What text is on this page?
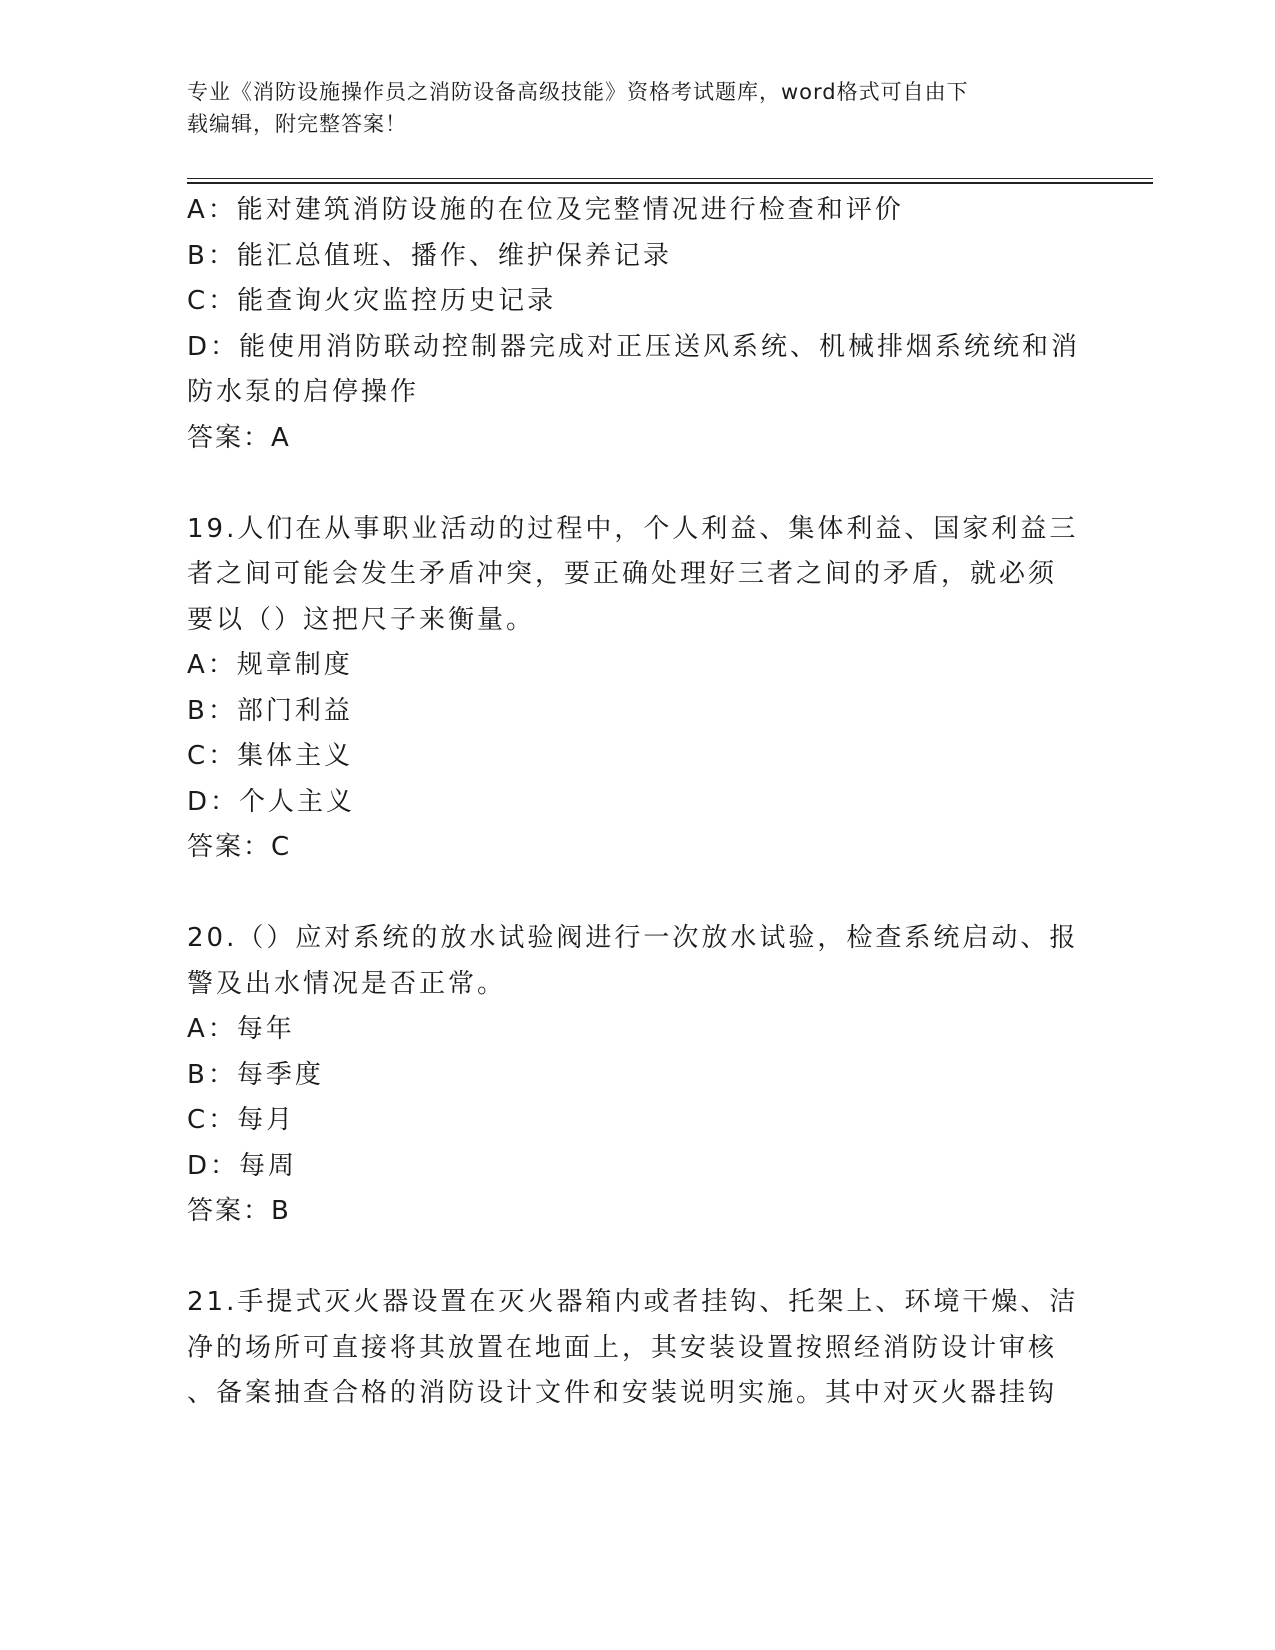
专业《消防设施操作员之消防设备高级技能》资格考试题库，word格式可自由下
载编辑，附完整答案！
A：能对建筑消防设施的在位及完整情况进行检查和评价
B：能汇总值班、播作、维护保养记录
C：能查询火灾监控历史记录
D：能使用消防联动控制器完成对正压送风系统、机械排烟系统统和消
防水泵的启停操作
答案：A
19.人们在从事职业活动的过程中，个人利益、集体利益、国家利益三
者之间可能会发生矛盾冲突，要正确处理好三者之间的矛盾，就必须
要以（）这把尺子来衡量。
A：规章制度
B：部门利益
C：集体主义
D：个人主义
答案：C
20.（）应对系统的放水试验阀进行一次放水试验，检查系统启动、报
警及出水情况是否正常。
A：每年
B：每季度
C：每月
D：每周
答案：B
21.手提式灭火器设置在灭火器箱内或者挂钩、托架上、环境干燥、洁
净的场所可直接将其放置在地面上，其安装设置按照经消防设计审核
、备案抽查合格的消防设计文件和安装说明实施。其中对灭火器挂钩
